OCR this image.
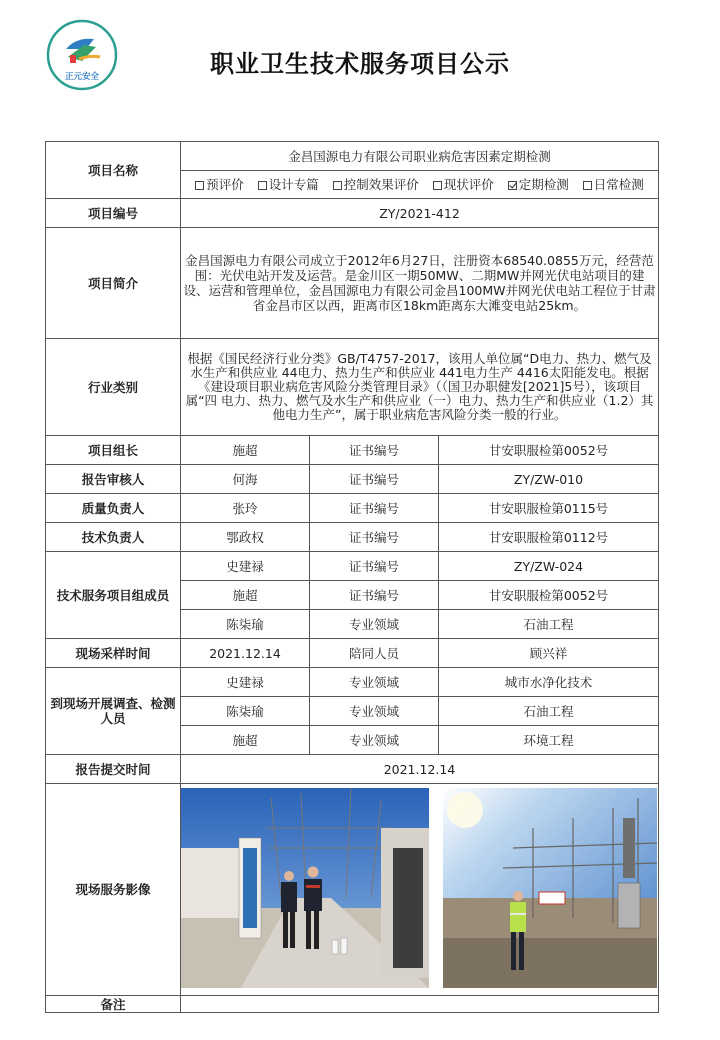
正元安全	职业卫生技术服务项目公示
项目名称	金昌国源电力有限公司职业病危害因素定期检测		
	预评价 设计专篇 控制效果评价 现状评价 定期检测 日常检测		
项目编号	ZY/2021-412		
项目简介	金昌国源电力有限公司成立于2012年6月27日，注册资本68540.0855万元，经营范围：光伏电站开发及运营。是金川区一期50MW、二期MW并网光伏电站项目的建设、运营和管理单位，金昌国源电力有限公司金昌100MW并网光伏电站工程位于甘肃省金昌市区以西，距离市区18km距离东大滩变电站25km。		
行业类别	根据《国民经济行业分类》GB/T4757-2017，该用人单位属“D电力、热力、燃气及水生产和供应业 44电力、热力生产和供应业 441电力生产 4416太阳能发电。根据《建设项目职业病危害风险分类管理目录》（（国卫办职健发[2021]5号），该项目属“四 电力、热力、燃气及水生产和供应业（一）电力、热力生产和供应业（1.2）其他电力生产”，属于职业病危害风险分类一般的行业。		
项目组长	施超	证书编号	甘安职服检第0052号
报告审核人	何海	证书编号	ZY/ZW-010
质量负责人	张玲	证书编号	甘安职服检第0115号
技术负责人	鄂政权	证书编号	甘安职服检第0112号
技术服务项目组成员	史建禄	证书编号	ZY/ZW-024
	施超	证书编号	甘安职服检第0052号
	陈柒瑜	专业领域	石油工程
现场采样时间	2021.12.14	陪同人员	顾兴祥
到现场开展调查、检测人员	史建禄	专业领域	城市水净化技术
	陈柒瑜	专业领域	石油工程
	施超	专业领域	环境工程
报告提交时间	2021.12.14		
现场服务影像	

备注			
